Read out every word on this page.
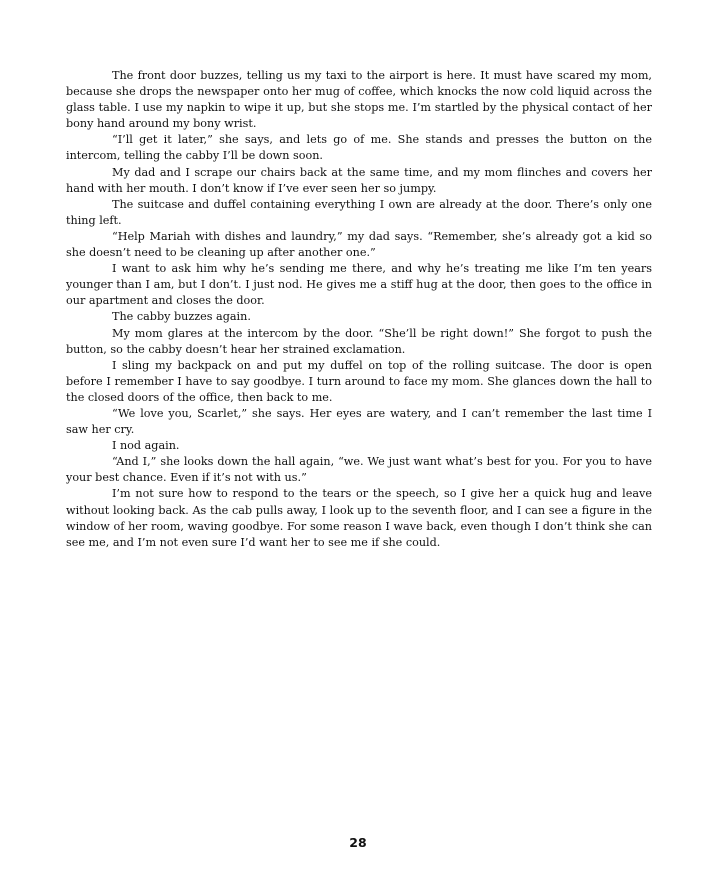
The front door buzzes, telling us my taxi to the airport is here. It must have scared my mom, because she drops the newspaper onto her mug of coffee, which knocks the now cold liquid across the glass table. I use my napkin to wipe it up, but she stops me. I’m startled by the physical contact of her bony hand around my bony wrist.

“I’ll get it later,” she says, and lets go of me. She stands and presses the button on the intercom, telling the cabby I’ll be down soon.

My dad and I scrape our chairs back at the same time, and my mom flinches and covers her hand with her mouth. I don’t know if I’ve ever seen her so jumpy.

The suitcase and duffel containing everything I own are already at the door. There’s only one thing left.

“Help Mariah with dishes and laundry,” my dad says. “Remember, she’s already got a kid so she doesn’t need to be cleaning up after another one.”

I want to ask him why he’s sending me there, and why he’s treating me like I’m ten years younger than I am, but I don’t. I just nod. He gives me a stiff hug at the door, then goes to the office in our apartment and closes the door.

The cabby buzzes again.

My mom glares at the intercom by the door. “She’ll be right down!” She forgot to push the button, so the cabby doesn’t hear her strained exclamation.

I sling my backpack on and put my duffel on top of the rolling suitcase. The door is open before I remember I have to say goodbye. I turn around to face my mom. She glances down the hall to the closed doors of the office, then back to me.

“We love you, Scarlet,” she says. Her eyes are watery, and I can’t remember the last time I saw her cry.

I nod again.

“And I,” she looks down the hall again, “we. We just want what’s best for you. For you to have your best chance. Even if it’s not with us.”

I’m not sure how to respond to the tears or the speech, so I give her a quick hug and leave without looking back. As the cab pulls away, I look up to the seventh floor, and I can see a figure in the window of her room, waving goodbye. For some reason I wave back, even though I don’t think she can see me, and I’m not even sure I’d want her to see me if she could.

28
